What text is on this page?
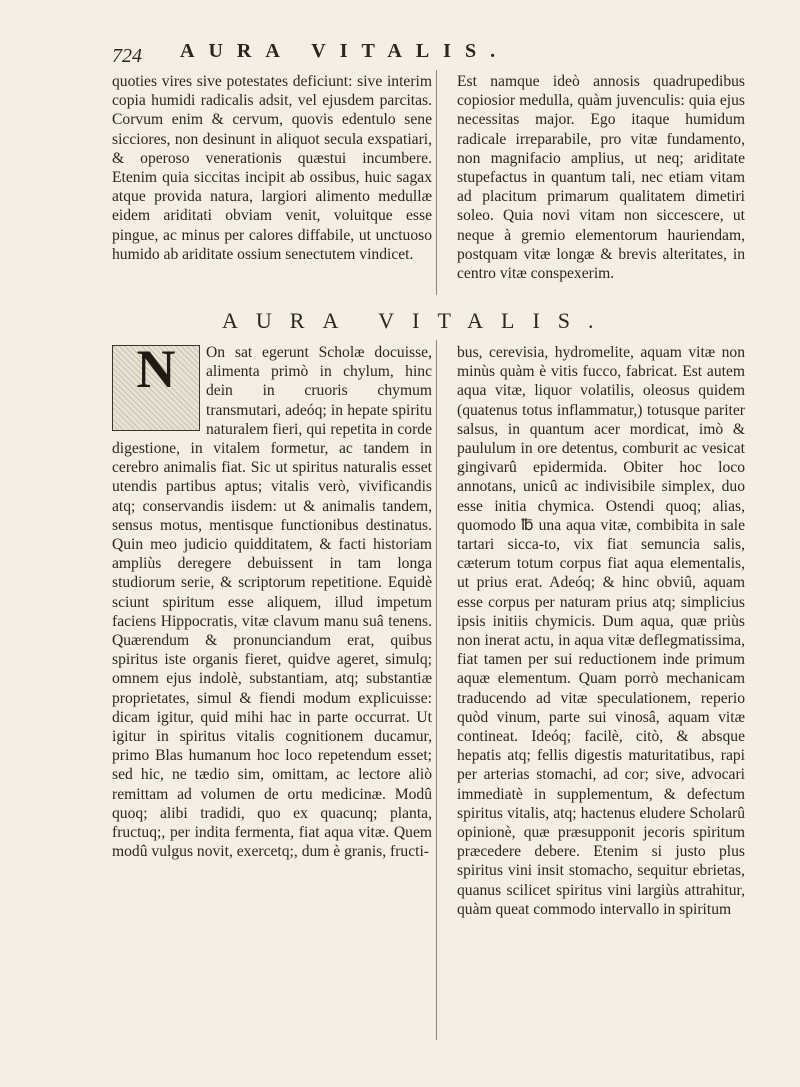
724 AURA VITALIS.

quoties vires sive potestates deficiunt: sive interim copia humidi radicalis adsit, vel ejusdem parcitas. Corvum enim & cervum, quovis edentulo sene sicciores, non desinunt in aliquot secula exspatiari, & operoso venerationis quæstui incumbere. Etenim quia siccitas incipit ab ossibus, huic sagax atque provida natura, largiori alimento medullæ eidem ariditati obviam venit, voluitque esse pingue, ac minus per calores diffabile, ut unctuoso humido ab ariditate ossium senectutem vindicet.

Est namque ideò annosis quadrupedibus copiosior medulla, quàm juvenculis: quia ejus necessitas major. Ego itaque humidum radicale irreparabile, pro vitæ fundamento, non magnifacio amplius, ut neq; ariditate stupefactus in quantum tali, nec etiam vitam ad placitum primarum qualitatem dimetiri soleo. Quia novi vitam non siccescere, ut neque à gremio elementorum hauriendam, postquam vitæ longæ & brevis alteritates, in centro vitæ conspexerim.

AURA VITALIS.
N	On sat egerunt Scholæ docuisse, alimenta primò in chylum, hinc dein in cruoris chymum transmutari, adeóq; in hepate spiritu naturalem fieri, qui repetita in corde digestione, in vitalem formetur, ac tandem in cerebro animalis fiat. Sic ut spiritus naturalis esset utendis partibus aptus; vitalis verò, vivificandis atq; conservandis iisdem: ut & animalis tandem, sensus motus, mentisque functionibus destinatus. Quin meo judicio quidditatem, & facti historiam ampliùs deregere debuissent in tam longa studiorum serie, & scriptorum repetitione. Equidè sciunt spiritum esse aliquem, illud impetum faciens Hippocratis, vitæ clavum manu suâ tenens. Quærendum & pronunciandum erat, quibus spiritus iste organis fieret, quidve ageret, simulq; omnem ejus indolè, substantiam, atq; substantiæ proprietates, simul & fiendi modum explicuisse: dicam igitur, quid mihi hac in parte occurrat. Ut igitur in spiritus vitalis cognitionem ducamur, primo Blas humanum hoc loco repetendum esset; sed hic, ne tædio sim, omittam, ac lectore aliò remittam ad volumen de ortu medicinæ. Modû quoq; alibi tradidi, quo ex quacunq; planta, fructuq;, per indita fermenta, fiat aqua vitæ. Quem modû vulgus novit, exercetq;, dum è granis, fructi-

bus, cerevisia, hydromelite, aquam vitæ non minùs quàm è vitis fucco, fabricat. Est autem aqua vitæ, liquor volatilis, oleosus quidem (quatenus totus inflammatur,) totusque pariter salsus, in quantum acer mordicat, imò & paululum in ore detentus, comburit ac vesicat gingivarû epidermida. Obiter hoc loco annotans, unicû ac indivisibile simplex, duo esse initia chymica. Ostendi quoq; alias, quomodo ℔ una aqua vitæ, combibita in sale tartari sicca-to, vix fiat semuncia salis, cæterum totum corpus fiat aqua elementalis, ut prius erat. Adeóq; & hinc obviû, aquam esse corpus per naturam prius atq; simplicius ipsis initiis chymicis. Dum aqua, quæ priùs non inerat actu, in aqua vitæ deflegmatissima, fiat tamen per sui reductionem inde primum aquæ elementum. Quam porrò mechanicam traducendo ad vitæ speculationem, reperio quòd vinum, parte sui vinosâ, aquam vitæ contineat. Ideóq; facilè, citò, & absque hepatis atq; fellis digestis maturitatibus, rapi per arterias stomachi, ad cor; sive, advocari immediatè in supplementum, & defectum spiritus vitalis, atq; hactenus eludere Scholarû opinionè, quæ præsupponit jecoris spiritum præcedere debere. Etenim si justo plus spiritus vini insit stomacho, sequitur ebrietas, quanus scilicet spiritus vini largiùs attrahitur, quàm queat commodo intervallo in spiritum
